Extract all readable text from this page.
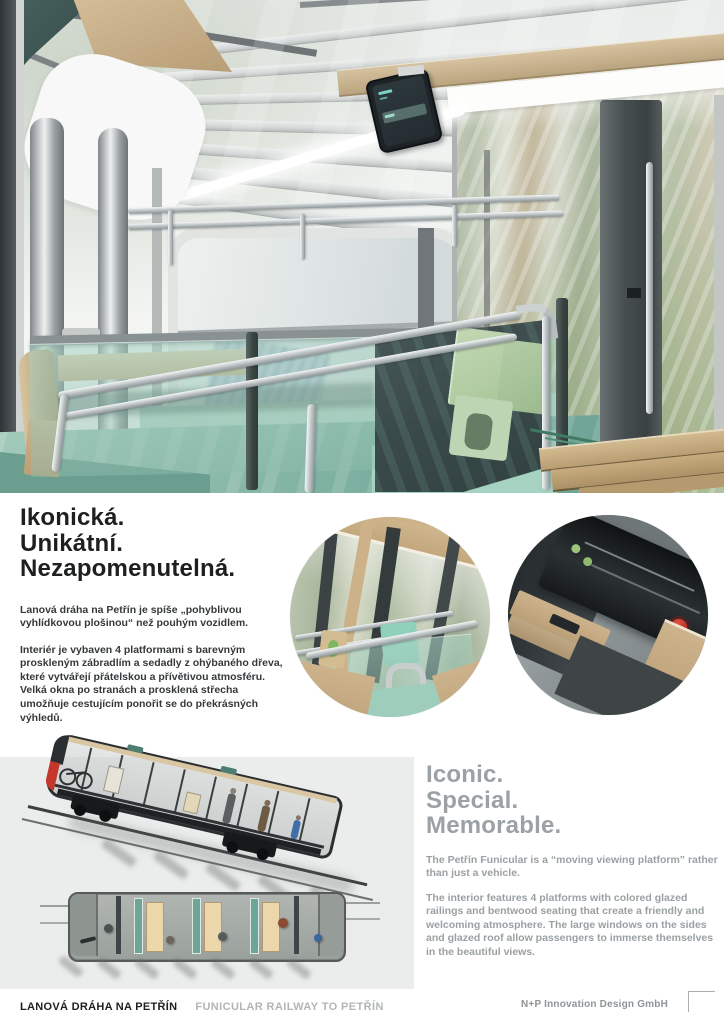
Ikonická.
Unikátní.
Nezapomenutelná.

Lanová dráha na Petřín je spíše „pohyblivou vyhlídkovou plošinou“ než pouhým vozidlem.

Interiér je vybaven 4 platformami s barevným proskleným zábradlím a sedadly z ohýbaného dřeva, které vytvářejí přátelskou a přívětivou atmosféru. Velká okna po stranách a prosklená střecha umožňuje cestujícím ponořit se do překrásných výhledů.

Iconic.
Special.
Memorable.

The Petřín Funicular is a “moving viewing platform” rather than just a vehicle.

The interior features 4 platforms with colored glazed railings and bentwood seating that create a friendly and welcoming atmosphere. The large windows on the sides and glazed roof allow passengers to immerse themselves in the beautiful views.

LANOVÁ DRÁHA NA PETŘÍN FUNICULAR RAILWAY TO PETŘÍN	N+P Innovation Design GmbH
